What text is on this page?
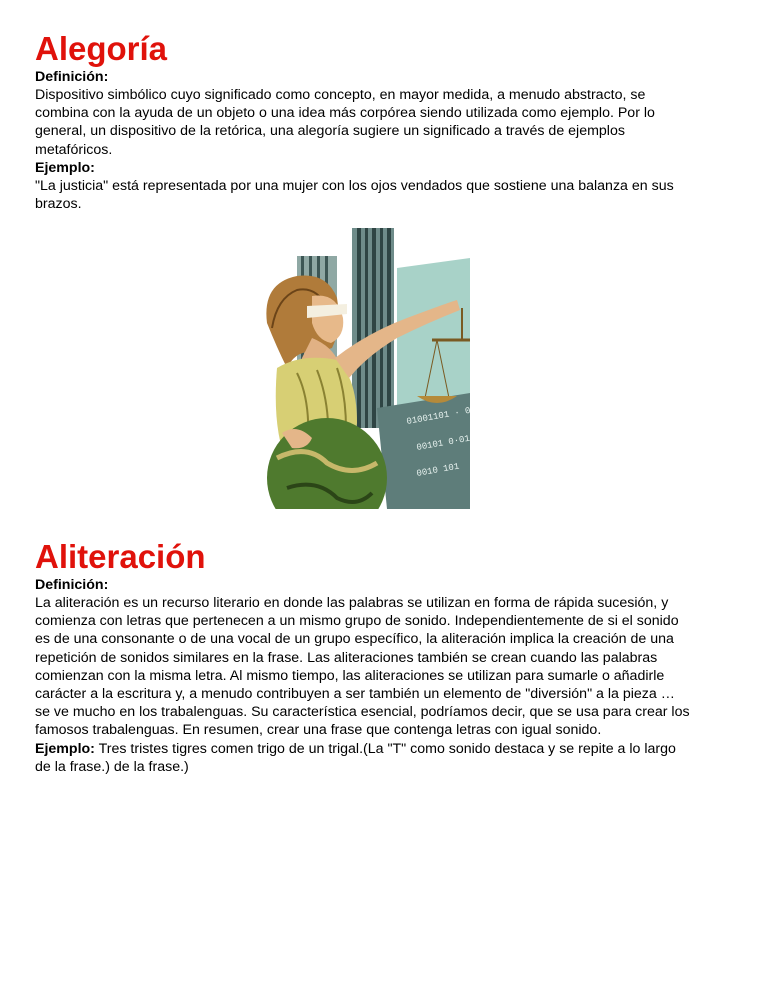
Alegoría

Definición:

Dispositivo simbólico cuyo significado como concepto, en mayor medida, a menudo abstracto, se

combina con la ayuda de un objeto o una idea más corpórea siendo utilizada como ejemplo. Por lo

general, un dispositivo de la retórica, una alegoría sugiere un significado a través de ejemplos

metafóricos.

Ejemplo:

"La justicia" está representada por una mujer con los ojos vendados que sostiene una balanza en sus

brazos.

01001101 · 0
00101 0·01
0010 101
Aliteración

Definición:

La aliteración es un recurso literario en donde las palabras se utilizan en forma de rápida sucesión, y

comienza con letras que pertenecen a un mismo grupo de sonido. Independientemente de si el sonido

es de una consonante o de una vocal de un grupo específico, la aliteración implica la creación de una

repetición de sonidos similares en la frase. Las aliteraciones también se crean cuando las palabras

comienzan con la misma letra. Al mismo tiempo, las aliteraciones se utilizan para sumarle o añadirle

carácter a la escritura y, a menudo contribuyen a ser también un elemento de "diversión" a la pieza …

se ve mucho en los trabalenguas. Su característica esencial, podríamos decir, que se usa para crear los

famosos trabalenguas. En resumen, crear una frase que contenga letras con igual sonido.

Ejemplo: Tres tristes tigres comen trigo de un trigal.(La "T" como sonido destaca y se repite a lo largo

de la frase.) de la frase.)
